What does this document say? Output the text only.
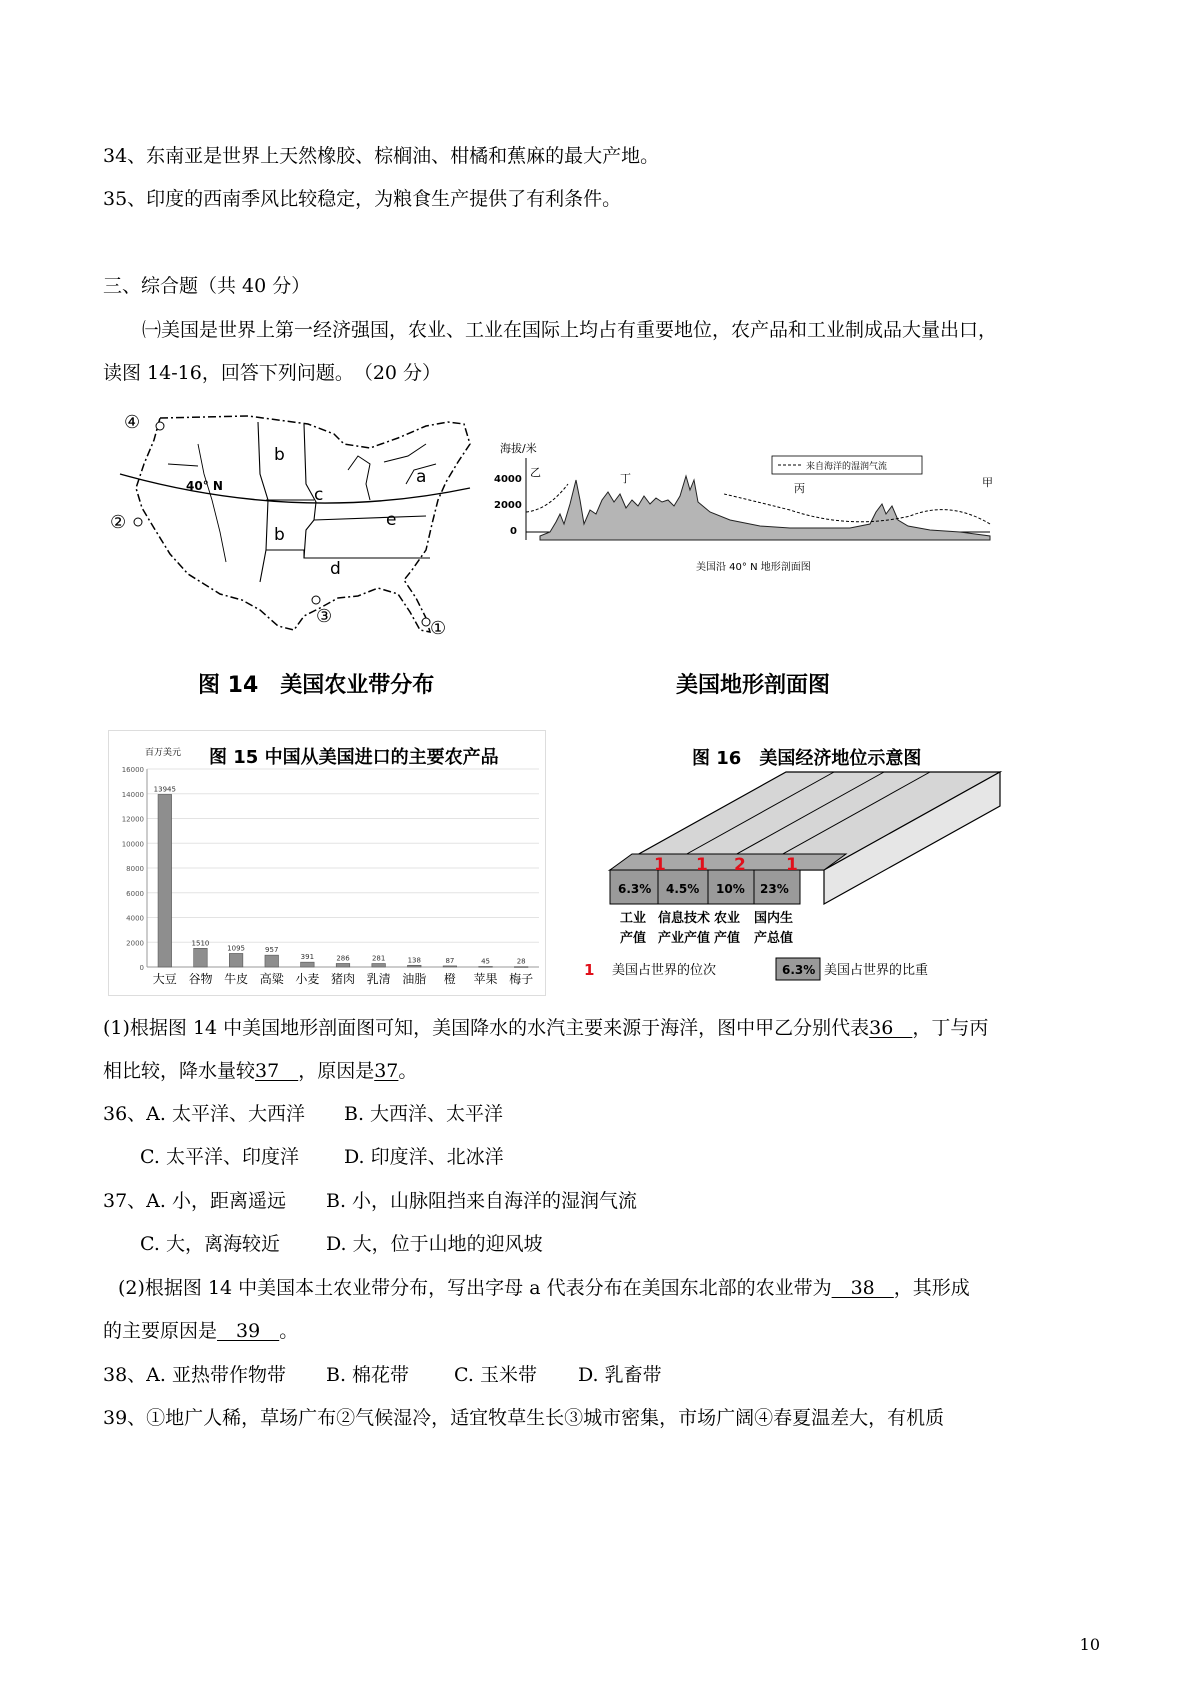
34、东南亚是世界上天然橡胶、棕榈油、柑橘和蕉麻的最大产地。
35、印度的西南季风比较稳定，为粮食生产提供了有利条件。
三、综合题（共 40 分）
㈠美国是世界上第一经济强国，农业、工业在国际上均占有重要地位，农产品和工业制成品大量出口，
读图 14-16，回答下列问题。　（20 分）
40° N
b
a
c
e
b
d
④
②
③
①
图 14　美国农业带分布
海拔/米
4000
2000
0
乙	丁
丙	甲
来自海洋的湿润气流
美国沿 40° N 地形剖面图
美国地形剖面图
图 15 中国从美国进口的主要农产品
百万美元
0
2000
4000
6000
8000
10000
12000
14000
16000
13945
大豆
1510
谷物
1095
牛皮
957
高粱
391
小麦
286
猪肉
281
乳清
138
油脂
87
橙
45
苹果
28
梅子
图 16　美国经济地位示意图
1 1 2 1
6.3% 4.5% 10% 23%
工业 信息技术 农业 国内生
产值 产业产值 产值 产总值
1 美国占世界的位次	6.3% 美国占世界的比重
(1)根据图 14 中美国地形剖面图可知，美国降水的水汽主要来源于海洋，图中甲乙分别代表36　，丁与丙
相比较，降水量较37　，原因是37。
36、A. 太平洋、大西洋 B. 大西洋、太平洋
C. 太平洋、印度洋 D. 印度洋、北冰洋
37、A. 小，距离遥远 B. 小，山脉阻挡来自海洋的湿润气流
C. 大，离海较近 D. 大，位于山地的迎风坡
(2)根据图 14 中美国本土农业带分布，写出字母 a 代表分布在美国东北部的农业带为　38　，其形成
的主要原因是　39　。
38、A. 亚热带作物带 B. 棉花带 C. 玉米带 D. 乳畜带
39、①地广人稀，草场广布②气候湿冷，适宜牧草生长③城市密集，市场广阔④春夏温差大，有机质
10
